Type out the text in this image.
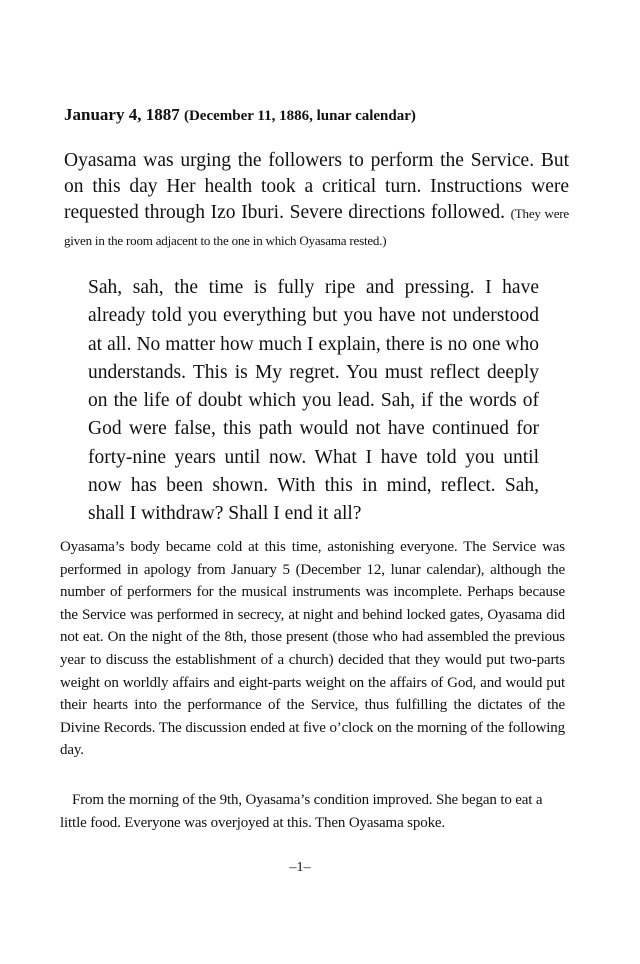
January 4, 1887 (December 11, 1886, lunar calendar)
Oyasama was urging the followers to perform the Service. But on this day Her health took a critical turn. Instructions were requested through Izo Iburi. Severe directions followed. (They were given in the room adjacent to the one in which Oyasama rested.)
Sah, sah, the time is fully ripe and pressing. I have already told you everything but you have not understood at all. No matter how much I explain, there is no one who understands. This is My regret. You must reflect deeply on the life of doubt which you lead. Sah, if the words of God were false, this path would not have continued for forty-nine years until now. What I have told you until now has been shown. With this in mind, reflect. Sah, shall I withdraw? Shall I end it all?
Oyasama’s body became cold at this time, astonishing everyone. The Service was performed in apology from January 5 (December 12, lunar calendar), although the number of performers for the musical instruments was incomplete. Perhaps because the Service was performed in secrecy, at night and behind locked gates, Oyasama did not eat. On the night of the 8th, those present (those who had assembled the previous year to discuss the establishment of a church) decided that they would put two-parts weight on worldly affairs and eight-parts weight on the affairs of God, and would put their hearts into the performance of the Service, thus fulfilling the dictates of the Divine Records. The discussion ended at five o’clock on the morning of the following day.
From the morning of the 9th, Oyasama’s condition improved. She began to eat a little food. Everyone was overjoyed at this. Then Oyasama spoke.
–1–
